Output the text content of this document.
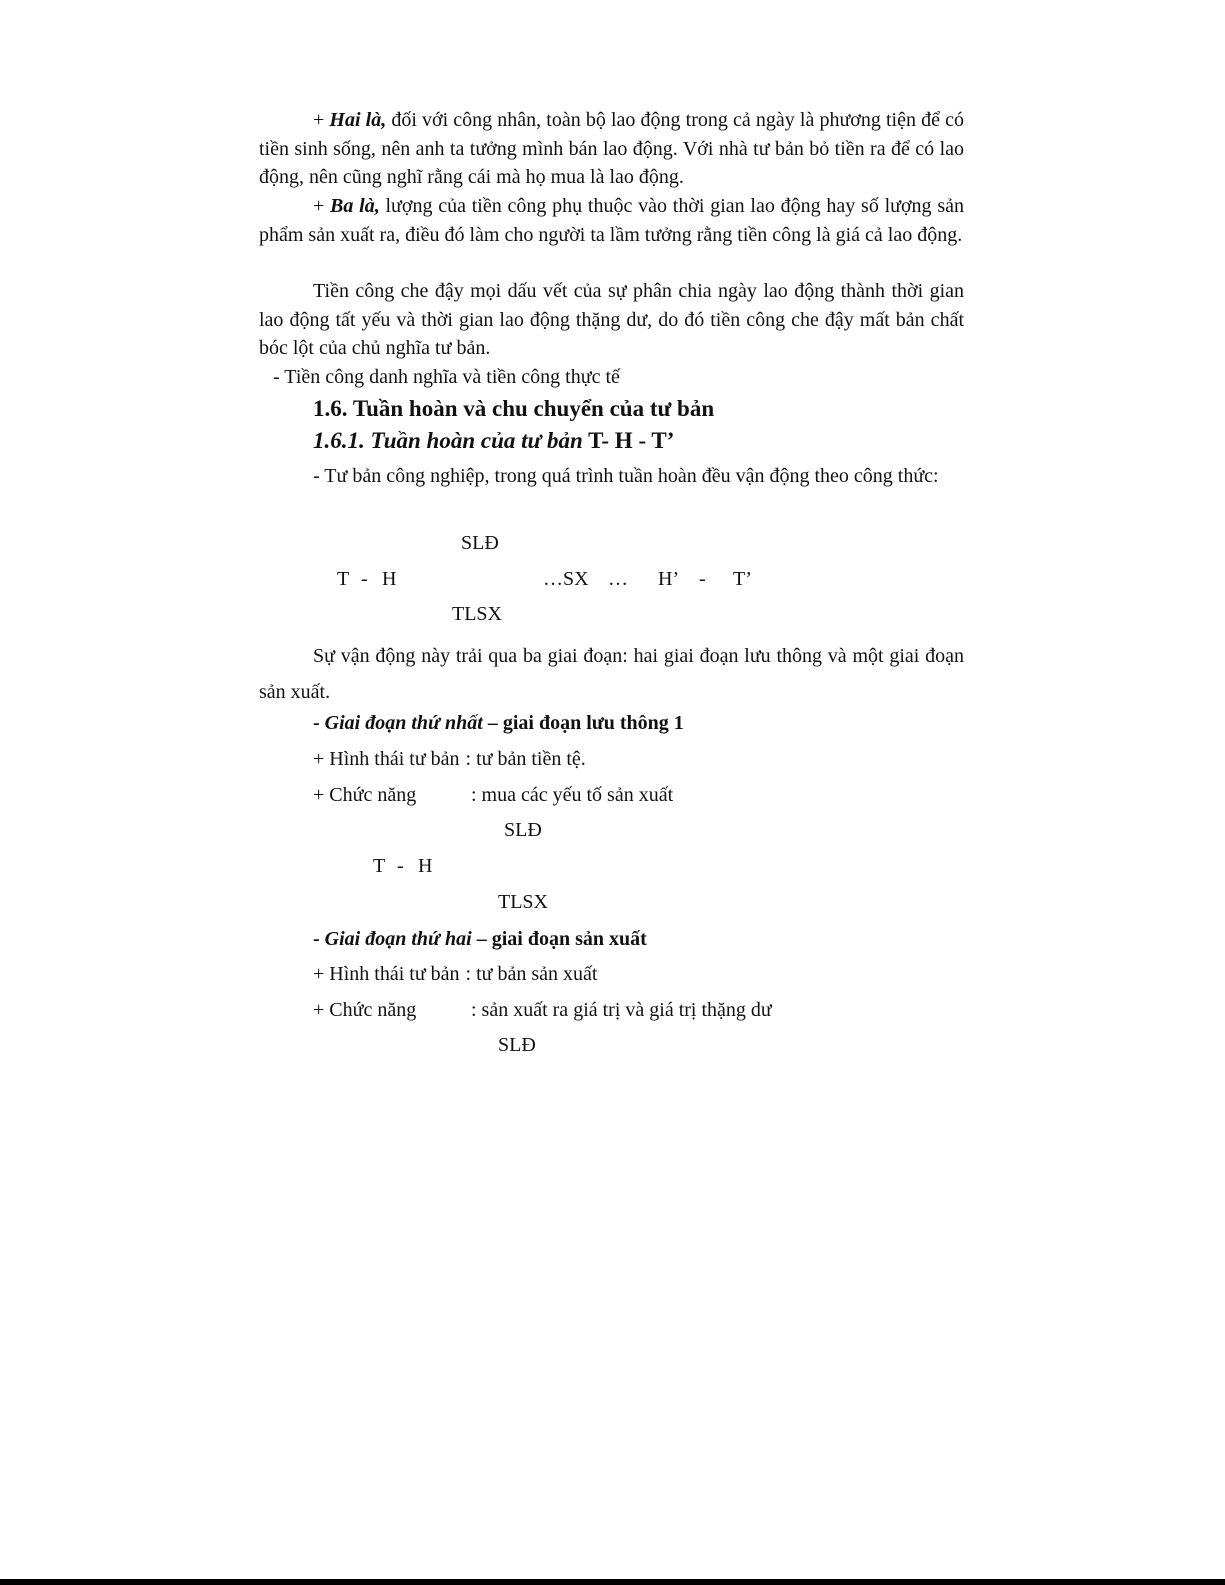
+ Hai là, đối với công nhân, toàn bộ lao động trong cả ngày là phương tiện để có tiền sinh sống, nên anh ta tưởng mình bán lao động. Với nhà tư bản bỏ tiền ra để có lao động, nên cũng nghĩ rằng cái mà họ mua là lao động.

+ Ba là, lượng của tiền công phụ thuộc vào thời gian lao động hay số lượng sản phẩm sản xuất ra, điều đó làm cho người ta lầm tưởng rằng tiền công là giá cả lao động.

Tiền công che đậy mọi dấu vết của sự phân chia ngày lao động thành thời gian lao động tất yếu và thời gian lao động thặng dư, do đó tiền công che đậy mất bản chất bóc lột của chủ nghĩa tư bản.

- Tiền công danh nghĩa và tiền công thực tế

1.6. Tuần hoàn và chu chuyển của tư bản
1.6.1. Tuần hoàn của tư bản T- H - T’

- Tư bản công nghiệp, trong quá trình tuần hoàn đều vận động theo công thức:

SLĐ
T - H	…SX … H’ - T’
TLSX

Sự vận động này trải qua ba giai đoạn: hai giai đoạn lưu thông và một giai đoạn sản xuất.

- Giai đoạn thứ nhất – giai đoạn lưu thông 1

+ Hình thái tư bản : tư bản tiền tệ.

+ Chức năng	: mua các yếu tố sản xuất

SLĐ
T - H
TLSX

- Giai đoạn thứ hai – giai đoạn sản xuất

+ Hình thái tư bản : tư bản sản xuất

+ Chức năng	: sản xuất ra giá trị và giá trị thặng dư

SLĐ
